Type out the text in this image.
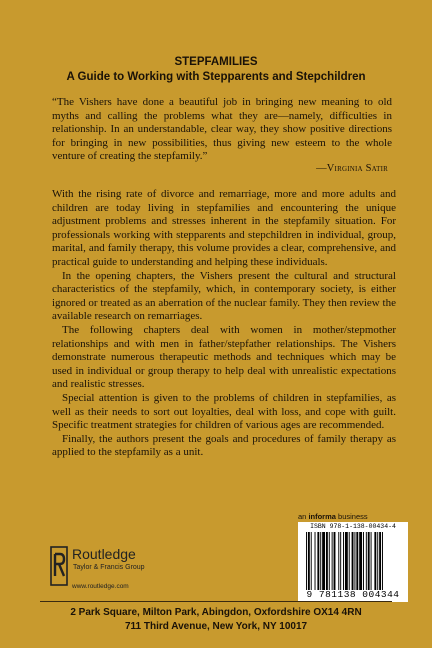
STEPFAMILIES
A Guide to Working with Stepparents and Stepchildren
“The Vishers have done a beautiful job in bringing new meaning to old myths and calling the problems what they are—namely, difficulties in relationship. In an understandable, clear way, they show positive directions for bringing in new possibilities, thus giving new esteem to the whole venture of creating the stepfamily.”
—Virginia Satir

With the rising rate of divorce and remarriage, more and more adults and children are today living in stepfamilies and encountering the unique adjustment problems and stresses inherent in the stepfamily situation. For professionals working with stepparents and stepchildren in individual, group, marital, and family therapy, this volume provides a clear, comprehensive, and practical guide to understanding and helping these individuals.

In the opening chapters, the Vishers present the cultural and structural characteristics of the stepfamily, which, in contemporary society, is either ignored or treated as an aberration of the nuclear family. They then review the available research on remarriages.

The following chapters deal with women in mother/stepmother relationships and with men in father/stepfather relationships. The Vishers demonstrate numerous therapeutic methods and techniques which may be used in individual or group therapy to help deal with unrealistic expectations and realistic stresses.

Special attention is given to the problems of children in stepfamilies, as well as their needs to sort out loyalties, deal with loss, and cope with guilt. Specific treatment strategies for children of various ages are recommended.

Finally, the authors present the goals and procedures of family therapy as applied to the stepfamily as a unit.

an informa business
ISBN 978-1-138-00434-4
9 781138 004344
Routledge
Taylor & Francis Group
www.routledge.com
2 Park Square, Milton Park, Abingdon, Oxfordshire OX14 4RN
711 Third Avenue, New York, NY 10017
